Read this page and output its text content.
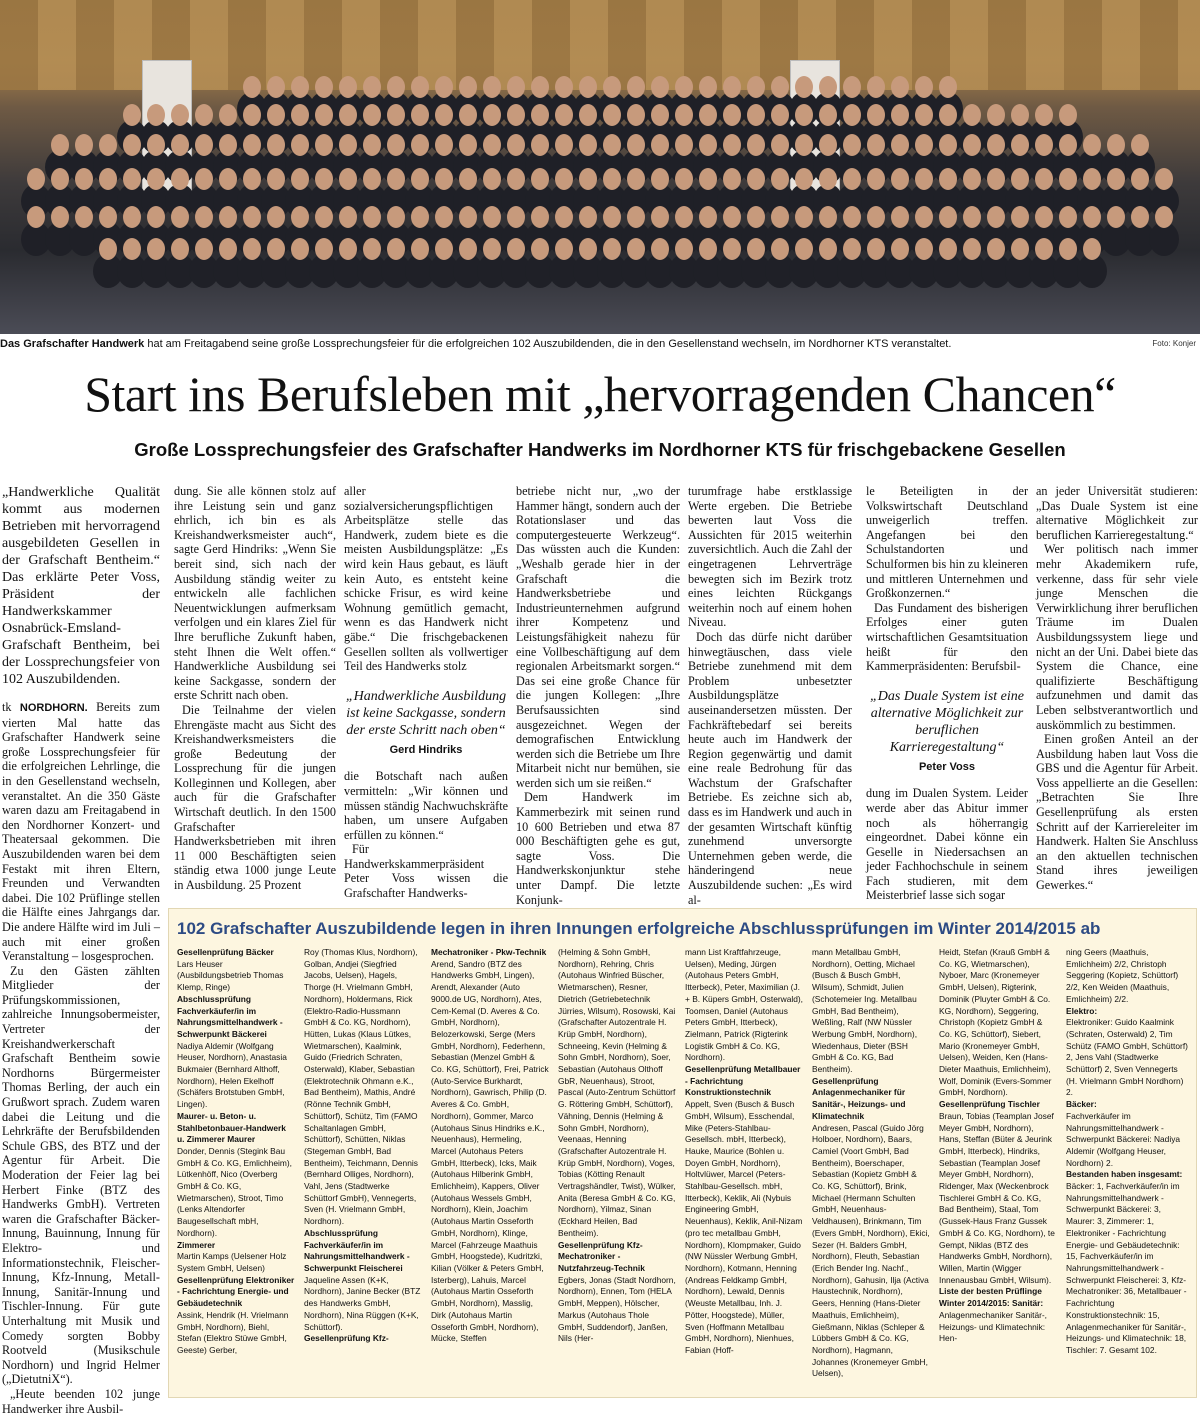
Das Grafschafter Handwerk hat am Freitagabend seine große Lossprechungsfeier für die erfolgreichen 102 Auszubildenden, die in den Gesellenstand wechseln, im Nordhorner KTS veranstaltet.	Foto: Konjer
Start ins Berufsleben mit „hervorragenden Chancen“
Große Lossprechungsfeier des Grafschafter Handwerks im Nordhorner KTS für frischgebackene Gesellen

„Handwerkliche Qualität kommt aus modernen Betrieben mit hervorragend ausgebildeten Gesellen in der Grafschaft Bentheim.“ Das erklärte Peter Voss, Präsident der Handwerkskammer Osnabrück-Emsland-Grafschaft Bentheim, bei der Lossprechungsfeier von 102 Auszubildenden.

tk NORDHORN. Bereits zum vierten Mal hatte das Grafschafter Handwerk seine große Lossprechungsfeier für die erfolgreichen Lehrlinge, die in den Gesellenstand wechseln, veranstaltet. An die 350 Gäste waren dazu am Freitagabend in den Nordhorner Konzert- und Theatersaal gekommen. Die Auszubildenden waren bei dem Festakt mit ihren Eltern, Freunden und Verwandten dabei. Die 102 Prüflinge stellen die Hälfte eines Jahrgangs dar. Die andere Hälfte wird im Juli – auch mit einer großen Veranstaltung – losgesprochen.

Zu den Gästen zählten Mitglieder der Prüfungskommissionen, zahlreiche Innungsobermeister, Vertreter der Kreishandwerkerschaft Grafschaft Bentheim sowie Nordhorns Bürgermeister Thomas Berling, der auch ein Grußwort sprach. Zudem waren dabei die Leitung und die Lehrkräfte der Berufsbildenden Schule GBS, des BTZ und der Agentur für Arbeit. Die Moderation der Feier lag bei Herbert Finke (BTZ des Handwerks GmbH). Vertreten waren die Grafschafter Bäcker-Innung, Bauinnung, Innung für Elektro- und Informationstechnik, Fleischer-Innung, Kfz-Innung, Metall-Innung, Sanitär-Innung und Tischler-Innung. Für gute Unterhaltung mit Musik und Comedy sorgten Bobby Rootveld (Musikschule Nordhorn) und Ingrid Helmer („DietutniX“).

„Heute beenden 102 junge Handwerker ihre Ausbil-

dung. Sie alle können stolz auf ihre Leistung sein und ganz ehrlich, ich bin es als Kreishandwerksmeister auch“, sagte Gerd Hindriks: „Wenn Sie bereit sind, sich nach der Ausbildung ständig weiter zu entwickeln alle fachlichen Neuentwicklungen aufmerksam verfolgen und ein klares Ziel für Ihre berufliche Zukunft haben, steht Ihnen die Welt offen.“ Handwerkliche Ausbildung sei keine Sackgasse, sondern der erste Schritt nach oben.

Die Teilnahme der vielen Ehrengäste macht aus Sicht des Kreishandwerksmeisters die große Bedeutung der Lossprechung für die jungen Kolleginnen und Kollegen, aber auch für die Grafschafter Wirtschaft deutlich. In den 1500 Grafschafter Handwerksbetrieben mit ihren 11 000 Beschäftigten seien ständig etwa 1000 junge Leute in Ausbildung. 25 Prozent

aller sozialversicherungspflichtigen Arbeitsplätze stelle das Handwerk, zudem biete es die meisten Ausbildungsplätze: „Es wird kein Haus gebaut, es läuft kein Auto, es entsteht keine schicke Frisur, es wird keine Wohnung gemütlich gemacht, wenn es das Handwerk nicht gäbe.“ Die frischgebackenen Gesellen sollten als vollwertiger Teil des Handwerks stolz

„Handwerkliche Ausbildung ist keine Sackgasse, sondern der erste Schritt nach oben“
Gerd Hindriks

die Botschaft nach außen vermitteln: „Wir können und müssen ständig Nachwuchskräfte haben, um unsere Aufgaben erfüllen zu können.“

Für Handwerkskammerpräsident Peter Voss wissen die Grafschafter Handwerks-

betriebe nicht nur, „wo der Hammer hängt, sondern auch der Rotationslaser und das computergesteuerte Werkzeug“. Das wüssten auch die Kunden: „Weshalb gerade hier in der Grafschaft die Handwerksbetriebe und Industrieunternehmen aufgrund ihrer Kompetenz und Leistungsfähigkeit nahezu für eine Vollbeschäftigung auf dem regionalen Arbeitsmarkt sorgen.“ Das sei eine große Chance für die jungen Kollegen: „Ihre Berufsaussichten sind ausgezeichnet. Wegen der demografischen Entwicklung werden sich die Betriebe um Ihre Mitarbeit nicht nur bemühen, sie werden sich um sie reißen.“

Dem Handwerk im Kammerbezirk mit seinen rund 10 600 Betrieben und etwa 87 000 Beschäftigten gehe es gut, sagte Voss. Die Handwerkskonjunktur stehe unter Dampf. Die letzte Konjunk-

turumfrage habe erstklassige Werte ergeben. Die Betriebe bewerten laut Voss die Aussichten für 2015 weiterhin zuversichtlich. Auch die Zahl der eingetragenen Lehrverträge bewegten sich im Bezirk trotz eines leichten Rückgangs weiterhin noch auf einem hohen Niveau.

Doch das dürfe nicht darüber hinwegtäuschen, dass viele Betriebe zunehmend mit dem Problem unbesetzter Ausbildungsplätze auseinandersetzen müssten. Der Fachkräftebedarf sei bereits heute auch im Handwerk der Region gegenwärtig und damit eine reale Bedrohung für das Wachstum der Grafschafter Betriebe. Es zeichne sich ab, dass es im Handwerk und auch in der gesamten Wirtschaft künftig zunehmend unversorgte Unternehmen geben werde, die händeringend neue Auszubildende suchen: „Es wird al-

le Beteiligten in der Volkswirtschaft Deutschland unweigerlich treffen. Angefangen bei den Schulstandorten und Schulformen bis hin zu kleineren und mittleren Unternehmen und Großkonzernen.“

Das Fundament des bisherigen Erfolges einer guten wirtschaftlichen Gesamtsituation heißt für den Kammerpräsidenten: Berufsbil-

„Das Duale System ist eine alternative Möglichkeit zur beruflichen Karrieregestaltung“
Peter Voss

dung im Dualen System. Leider werde aber das Abitur immer noch als höherrangig eingeordnet. Dabei könne ein Geselle in Niedersachsen an jeder Fachhochschule in seinem Fach studieren, mit dem Meisterbrief lasse sich sogar

an jeder Universität studieren: „Das Duale System ist eine alternative Möglichkeit zur beruflichen Karrieregestaltung.“

Wer politisch nach immer mehr Akademikern rufe, verkenne, dass für sehr viele junge Menschen die Verwirklichung ihrer beruflichen Träume im Dualen Ausbildungssystem liege und nicht an der Uni. Dabei biete das System die Chance, eine qualifizierte Beschäftigung aufzunehmen und damit das Leben selbstverantwortlich und auskömmlich zu bestimmen.

Einen großen Anteil an der Ausbildung haben laut Voss die GBS und die Agentur für Arbeit. Voss appellierte an die Gesellen: „Betrachten Sie Ihre Gesellenprüfung als ersten Schritt auf der Karriereleiter im Handwerk. Halten Sie Anschluss an den aktuellen technischen Stand ihres jeweiligen Gewerkes.“

102 Grafschafter Auszubildende legen in ihren Innungen erfolgreiche Abschlussprüfungen im Winter 2014/2015 ab

Gesellenprüfung Bäcker

Lars Heuser (Ausbildungsbetrieb Thomas Klemp, Ringe)

Abschlussprüfung Fachverkäufer/in im Nahrungsmittelhandwerk - Schwerpunkt Bäckerei

Nadiya Aldemir (Wolfgang Heuser, Nordhorn), Anastasia Bukmaier (Bernhard Althoff, Nordhorn), Helen Ekelhoff (Schäfers Brotstuben GmbH, Lingen).

Maurer- u. Beton- u. Stahlbetonbauer-Handwerk u. Zimmerer Maurer

Donder, Dennis (Stegink Bau GmbH & Co. KG, Emlichheim), Lütkenhöff, Nico (Overberg GmbH & Co. KG, Wietmarschen), Stroot, Timo (Lenks Altendorfer Baugesellschaft mbH, Nordhorn).

Zimmerer

Martin Kamps (Uelsener Holz System GmbH, Uelsen)

Gesellenprüfung Elektroniker - Fachrichtung Energie- und Gebäudetechnik

Assink, Hendrik (H. Vrielmann GmbH, Nordhorn), Biehl, Stefan (Elektro Stüwe GmbH, Geeste) Gerber,

Roy (Thomas Klus, Nordhorn), Golban, Andjei (Siegfried Jacobs, Uelsen), Hagels, Thorge (H. Vrielmann GmbH, Nordhorn), Holdermans, Rick (Elektro-Radio-Hussmann GmbH & Co. KG, Nordhorn), Hütten, Lukas (Klaus Lütkes, Wietmarschen), Kaalmink, Guido (Friedrich Schraten, Osterwald), Klaber, Sebastian (Elektrotechnik Ohmann e.K., Bad Bentheim), Mathis, André (Rönne Technik GmbH, Schüttorf), Schütz, Tim (FAMO Schaltanlagen GmbH, Schüttorf), Schütten, Niklas (Stegeman GmbH, Bad Bentheim), Teichmann, Dennis (Bernhard Olliges, Nordhorn), Vahl, Jens (Stadtwerke Schüttorf GmbH), Vennegerts, Sven (H. Vrielmann GmbH, Nordhorn).

Abschlussprüfung Fachverkäufer/in im Nahrungsmittelhandwerk - Schwerpunkt Fleischerei

Jaqueline Assen (K+K, Nordhorn), Janine Becker (BTZ des Handwerks GmbH, Nordhorn), Nina Rüggen (K+K, Schüttorf).

Gesellenprüfung Kfz-

Mechatroniker - Pkw-Technik

Arend, Sandro (BTZ des Handwerks GmbH, Lingen), Arendt, Alexander (Auto 9000.de UG, Nordhorn), Ates, Cem-Kemal (D. Averes & Co. GmbH, Nordhorn), Belozerkowski, Serge (Mers GmbH, Nordhorn), Federhenn, Sebastian (Menzel GmbH & Co. KG, Schüttorf), Frei, Patrick (Auto-Service Burkhardt, Nordhorn), Gawrisch, Philip (D. Averes & Co. GmbH, Nordhorn), Gommer, Marco (Autohaus Sinus Hindriks e.K., Neuenhaus), Hermeling, Marcel (Autohaus Peters GmbH, Itterbeck), Icks, Maik (Autohaus Hilberink GmbH, Emlichheim), Kappers, Oliver (Autohaus Wessels GmbH, Nordhorn), Klein, Joachim (Autohaus Martin Osseforth GmbH, Nordhorn), Klinge, Marcel (Fahrzeuge Maathuis GmbH, Hoogstede), Kudritzki, Kilian (Völker & Peters GmbH, Isterberg), Lahuis, Marcel (Autohaus Martin Osseforth GmbH, Nordhorn), Masslig, Dirk (Autohaus Martin Osseforth GmbH, Nordhorn), Mücke, Steffen

(Helming & Sohn GmbH, Nordhorn), Rehring, Chris (Autohaus Winfried Büscher, Wietmarschen), Resner, Dietrich (Getriebetechnik Jürries, Wilsum), Rosowski, Kai (Grafschafter Autozentrale H. Krüp GmbH, Nordhorn), Schneeing, Kevin (Helming & Sohn GmbH, Nordhorn), Soer, Sebastian (Autohaus Olthoff GbR, Neuenhaus), Stroot, Pascal (Auto-Zentrum Schüttorf G. Röttering GmbH, Schüttorf), Vähning, Dennis (Helming & Sohn GmbH, Nordhorn), Veenaas, Henning (Grafschafter Autozentrale H. Krüp GmbH, Nordhorn), Voges, Tobias (Kötting Renault Vertragshändler, Twist), Wülker, Anita (Beresa GmbH & Co. KG, Nordhorn), Yilmaz, Sinan (Eckhard Heilen, Bad Bentheim).

Gesellenprüfung Kfz-Mechatroniker - Nutzfahrzeug-Technik

Egbers, Jonas (Stadt Nordhorn, Nordhorn), Ennen, Tom (HELA GmbH, Meppen), Hölscher, Markus (Autohaus Thole GmbH, Suddendorf), Janßen, Nils (Her-

mann List Kraftfahrzeuge, Uelsen), Meding, Jürgen (Autohaus Peters GmbH, Itterbeck), Peter, Maximilian (J. + B. Küpers GmbH, Osterwald), Toomsen, Daniel (Autohaus Peters GmbH, Itterbeck), Zielmann, Patrick (Rigterink Logistik GmbH & Co. KG, Nordhorn).

Gesellenprüfung Metallbauer - Fachrichtung Konstruktionstechnik

Appelt, Sven (Busch & Busch GmbH, Wilsum), Esschendal, Mike (Peters-Stahlbau-Gesellsch. mbH, Itterbeck), Hauke, Maurice (Bohlen u. Doyen GmbH, Nordhorn), Holtvlüwer, Marcel (Peters-Stahlbau-Gesellsch. mbH, Itterbeck), Keklik, Ali (Nybuis Engineering GmbH, Neuenhaus), Keklik, Anil-Nizam (pro tec metallbau GmbH, Nordhorn), Klompmaker, Guido (NW Nüssler Werbung GmbH, Nordhorn), Kotmann, Henning (Andreas Feldkamp GmbH, Nordhorn), Lewald, Dennis (Weuste Metallbau, Inh. J. Pötter, Hoogstede), Müller, Sven (Hoffmann Metallbau GmbH, Nordhorn), Nienhues, Fabian (Hoff-

mann Metallbau GmbH, Nordhorn), Oetting, Michael (Busch & Busch GmbH, Wilsum), Schmidt, Julien (Schotemeier Ing. Metallbau GmbH, Bad Bentheim), Weßling, Ralf (NW Nüssler Werbung GmbH, Nordhorn), Wiedenhaus, Dieter (BSH GmbH & Co. KG, Bad Bentheim).

Gesellenprüfung Anlagenmechaniker für Sanitär-, Heizungs- und Klimatechnik

Andresen, Pascal (Guido Jörg Holboer, Nordhorn), Baars, Camiel (Voort GmbH, Bad Bentheim), Boerschaper, Sebastian (Kopietz GmbH & Co. KG, Schüttorf), Brink, Michael (Hermann Schulten GmbH, Neuenhaus-Veldhausen), Brinkmann, Tim (Evers GmbH, Nordhorn), Ekici, Sezer (H. Balders GmbH, Nordhorn), Fleuth, Sebastian (Erich Bender Ing. Nachf., Nordhorn), Gahusin, Ilja (Activa Haustechnik, Nordhorn), Geers, Henning (Hans-Dieter Maathuis, Emlichheim), Gießmann, Niklas (Schleper & Lübbers GmbH & Co. KG, Nordhorn), Hagmann, Johannes (Kronemeyer GmbH, Uelsen),

Heidt, Stefan (Krauß GmbH & Co. KG, Wietmarschen), Nyboer, Marc (Kronemeyer GmbH, Uelsen), Rigterink, Dominik (Pluyter GmbH & Co. KG, Nordhorn), Seggering, Christoph (Kopietz GmbH & Co. KG, Schüttorf), Siebert, Mario (Kronemeyer GmbH, Uelsen), Weiden, Ken (Hans-Dieter Maathuis, Emlichheim), Wolf, Dominik (Evers-Sommer GmbH, Nordhorn).

Gesellenprüfung Tischler

Braun, Tobias (Teamplan Josef Meyer GmbH, Nordhorn), Hans, Steffan (Büter & Jeurink GmbH, Itterbeck), Hindriks, Sebastian (Teamplan Josef Meyer GmbH, Nordhorn), Ridenger, Max (Weckenbrock Tischlerei GmbH & Co. KG, Bad Bentheim), Staal, Tom (Gussek-Haus Franz Gussek GmbH & Co. KG, Nordhorn), te Gempt, Niklas (BTZ des Handwerks GmbH, Nordhorn), Willen, Martin (Wigger Innenausbau GmbH, Wilsum).

Liste der besten Prüflinge Winter 2014/2015: Sanitär:

Anlagenmechaniker Sanitär-, Heizungs- und Klimatechnik: Hen-

ning Geers (Maathuis, Emlichheim) 2/2, Christoph Seggering (Kopietz, Schüttorf) 2/2, Ken Weiden (Maathuis, Emlichheim) 2/2.

Elektro:

Elektroniker: Guido Kaalmink (Schraten, Osterwald) 2, Tim Schütz (FAMO GmbH, Schüttorf) 2, Jens Vahl (Stadtwerke Schüttorf) 2, Sven Vennegerts (H. Vrielmann GmbH Nordhorn) 2.

Bäcker:

Fachverkäufer im Nahrungsmittelhandwerk - Schwerpunkt Bäckerei: Nadiya Aldemir (Wolfgang Heuser, Nordhorn) 2.

Bestanden haben insgesamt:

Bäcker: 1, Fachverkäufer/in im Nahrungsmittelhandwerk - Schwerpunkt Bäckerei: 3, Maurer: 3, Zimmerer: 1, Elektroniker - Fachrichtung Energie- und Gebäudetechnik: 15, Fachverkäufer/in im Nahrungsmittelhandwerk - Schwerpunkt Fleischerei: 3, Kfz-Mechatroniker: 36, Metallbauer - Fachrichtung Konstruktionstechnik: 15, Anlagenmechaniker für Sanitär-, Heizungs- und Klimatechnik: 18, Tischler: 7. Gesamt 102.
